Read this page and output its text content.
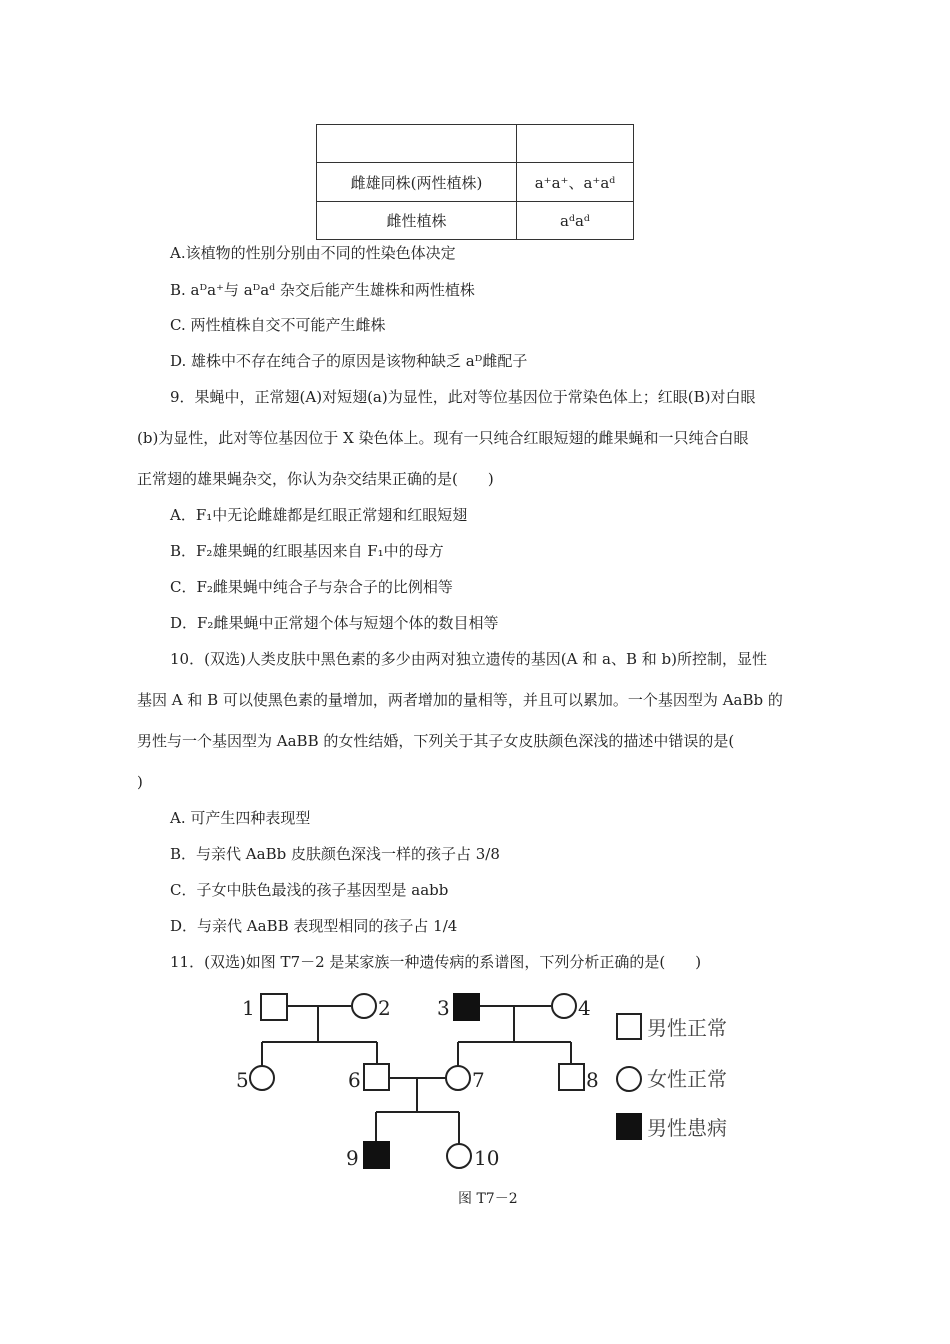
雌雄同株(两性植株)	a⁺a⁺、a⁺aᵈ
雌性植株	aᵈaᵈ
A.该植物的性别分别由不同的性染色体决定
B. aᴰa⁺与 aᴰaᵈ 杂交后能产生雄株和两性植株
C. 两性植株自交不可能产生雌株
D. 雄株中不存在纯合子的原因是该物种缺乏 aᴰ雌配子
9．果蝇中，正常翅(A)对短翅(a)为显性，此对等位基因位于常染色体上；红眼(B)对白眼
(b)为显性，此对等位基因位于 X 染色体上。现有一只纯合红眼短翅的雌果蝇和一只纯合白眼
正常翅的雄果蝇杂交，你认为杂交结果正确的是(　　)
A．F₁中无论雌雄都是红眼正常翅和红眼短翅
B．F₂雄果蝇的红眼基因来自 F₁中的母方
C．F₂雌果蝇中纯合子与杂合子的比例相等
D．F₂雌果蝇中正常翅个体与短翅个体的数目相等
10．(双选)人类皮肤中黑色素的多少由两对独立遗传的基因(A 和 a、B 和 b)所控制，显性
基因 A 和 B 可以使黑色素的量增加，两者增加的量相等，并且可以累加。一个基因型为 AaBb 的
男性与一个基因型为 AaBB 的女性结婚，下列关于其子女皮肤颜色深浅的描述中错误的是(
)
A. 可产生四种表现型
B．与亲代 AaBb 皮肤颜色深浅一样的孩子占 3/8
C．子女中肤色最浅的孩子基因型是 aabb
D．与亲代 AaBB 表现型相同的孩子占 1/4
11．(双选)如图 T7－2 是某家族一种遗传病的系谱图，下列分析正确的是(　　)
1	2 3	4
5	6	7	8
9	10
男性正常
女性正常
男性患病
图 T7－2
